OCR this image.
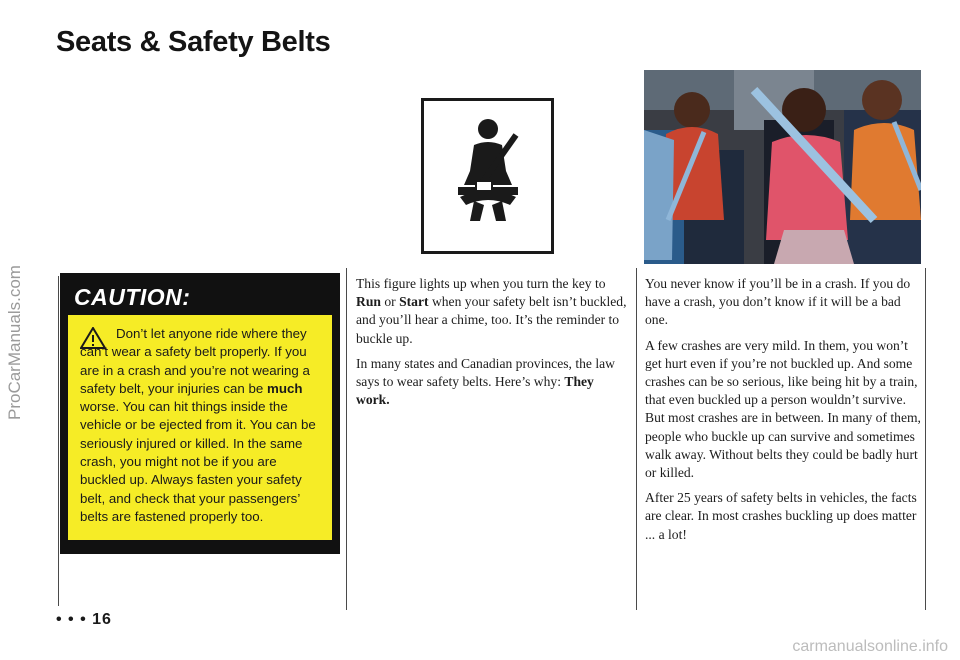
Seats & Safety Belts
ProCarManuals.com
carmanualsonline.info
CAUTION:
Don’t let anyone ride where they can’t wear a safety belt properly. If you are in a crash and you’re not wearing a safety belt, your injuries can be much worse. You can hit things inside the vehicle or be ejected from it. You can be seriously injured or killed. In the same crash, you might not be if you are buckled up. Always fasten your safety belt, and check that your passengers’ belts are fastened properly too.

This figure lights up when you turn the key to Run or Start when your safety belt isn’t buckled, and you’ll hear a chime, too. It’s the reminder to buckle up.

In many states and Canadian provinces, the law says to wear safety belts. Here’s why: They work.

You never know if you’ll be in a crash. If you do have a crash, you don’t know if it will be a bad one.

A few crashes are very mild. In them, you won’t get hurt even if you’re not buckled up. And some crashes can be so serious, like being hit by a train, that even buckled up a person wouldn’t survive. But most crashes are in between. In many of them, people who buckle up can survive and sometimes walk away. Without belts they could be badly hurt or killed.

After 25 years of safety belts in vehicles, the facts are clear. In most crashes buckling up does matter ... a lot!

• • • 16
